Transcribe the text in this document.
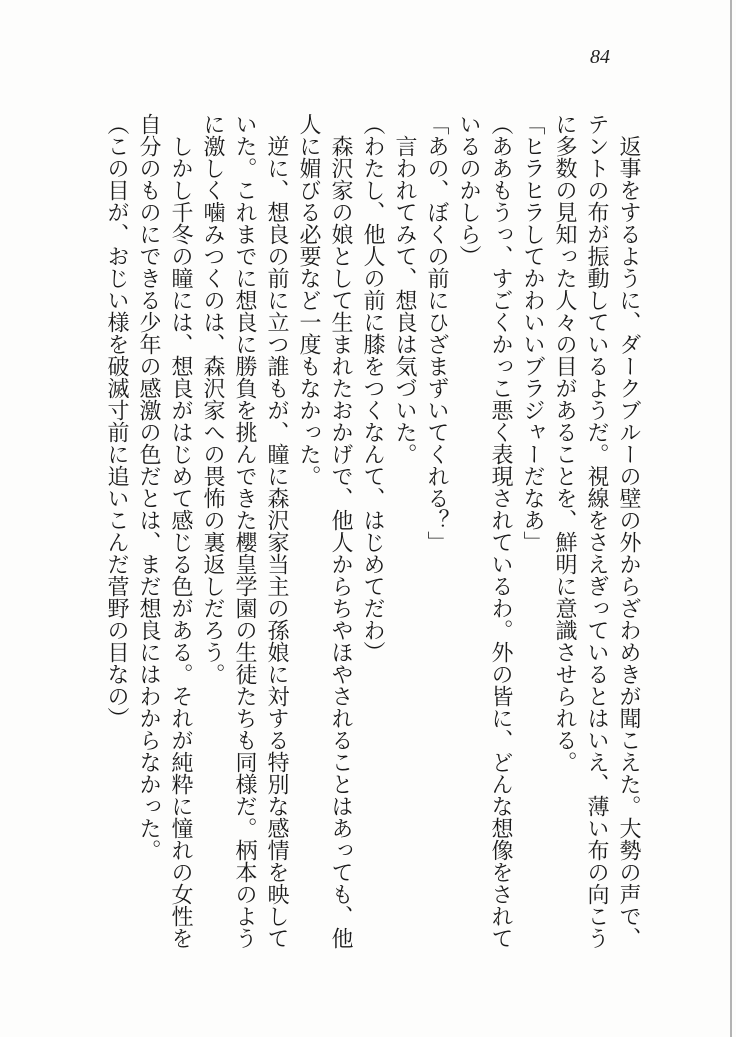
84

　返事をするように、ダークブルーの壁の外からざわめきが聞こえた。大勢の声で、テントの布が振動しているようだ。視線をさえぎっているとはいえ、薄い布の向こうに多数の見知った人々の目があることを、鮮明に意識させられる。

「ヒラヒラしてかわいいブラジャーだなあ」

（ああもうっ、すごくかっこ悪く表現されているわ。外の皆に、どんな想像をされているのかしら）

「あの、ぼくの前にひざまずいてくれる？」

　言われてみて、想良は気づいた。

（わたし、他人の前に膝をつくなんて、はじめてだわ）

　森沢家の娘として生まれたおかげで、他人からちやほやされることはあっても、他人に媚びる必要など一度もなかった。

　逆に、想良の前に立つ誰もが、瞳に森沢家当主の孫娘に対する特別な感情を映していた。これまでに想良に勝負を挑んできた櫻皇学園の生徒たちも同様だ。柄本のように激しく噛みつくのは、森沢家への畏怖の裏返しだろう。

　しかし千冬の瞳には、想良がはじめて感じる色がある。それが純粋に憧れの女性を自分のものにできる少年の感激の色だとは、まだ想良にはわからなかった。

（この目が、おじい様を破滅寸前に追いこんだ菅野の目なの）
